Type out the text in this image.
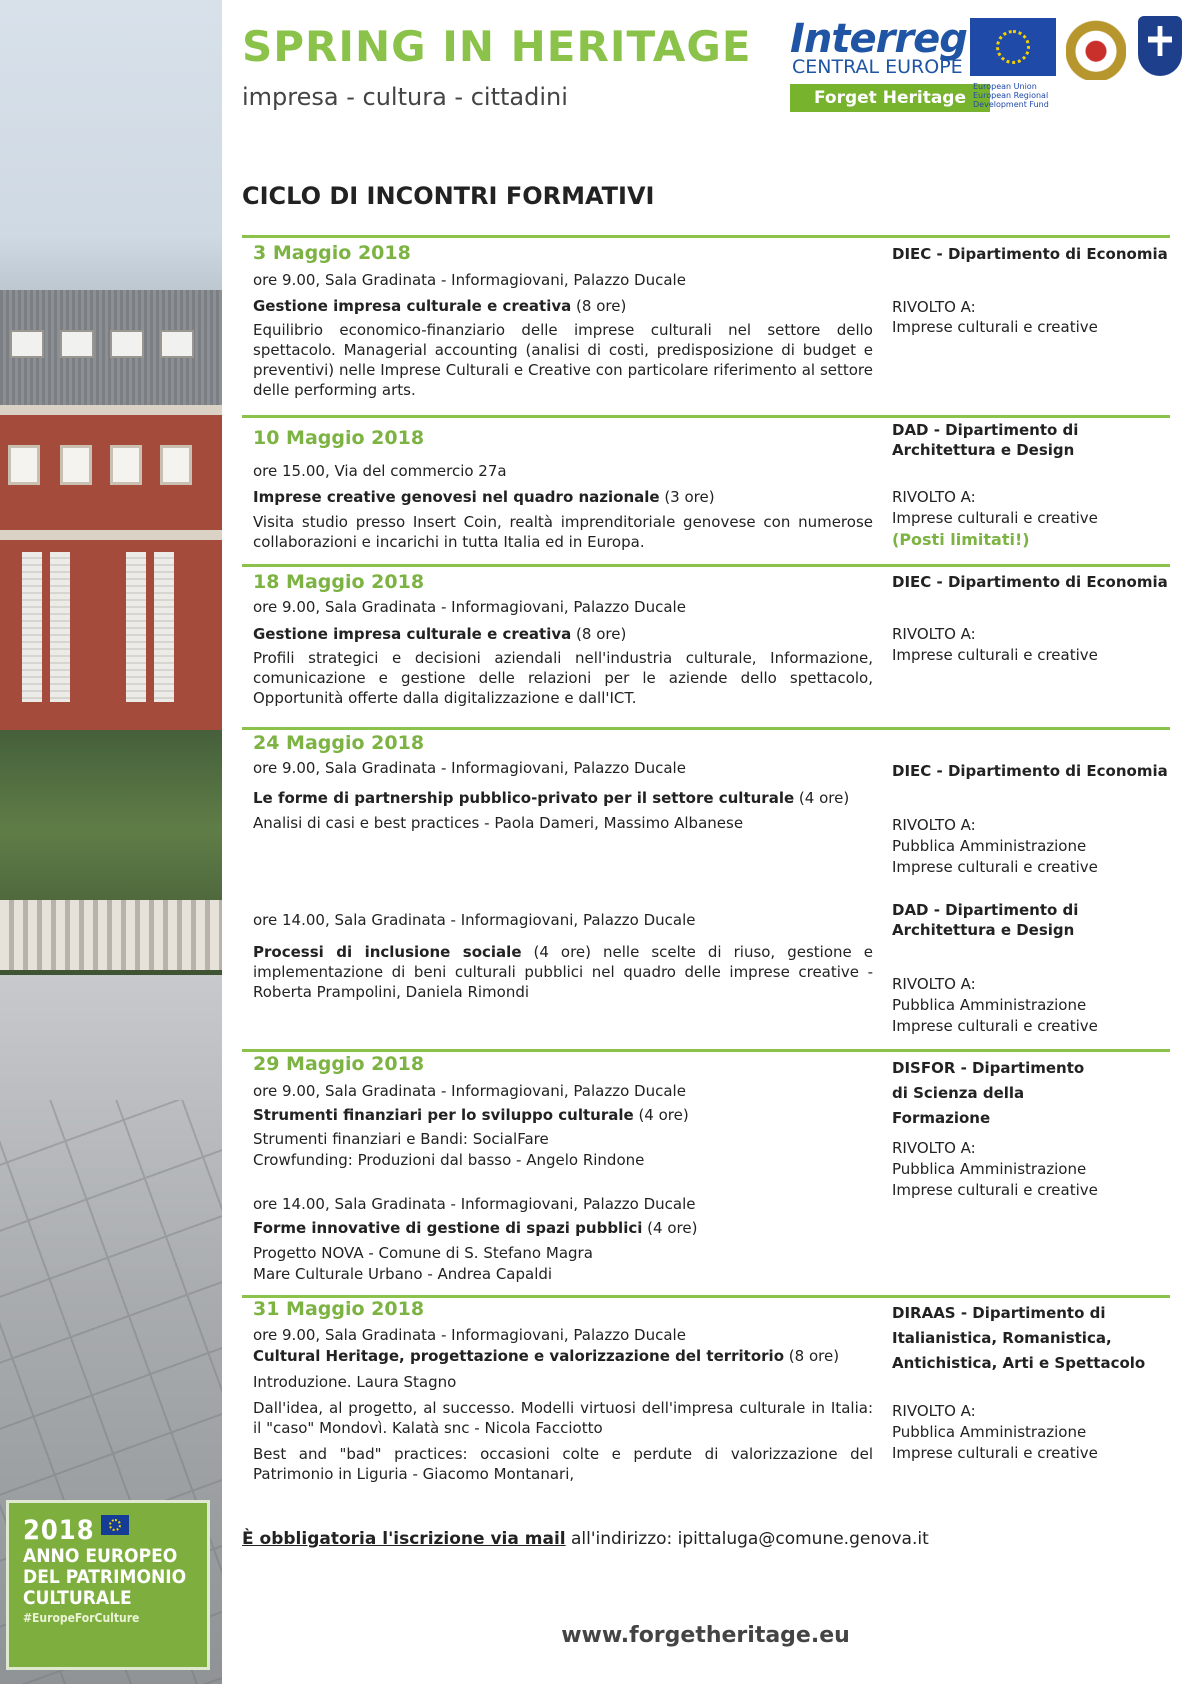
2018
ANNO EUROPEO
DEL PATRIMONIO
CULTURALE
#EuropeForCulture
SPRING IN HERITAGE
impresa - cultura - cittadini
Interreg
CENTRAL EUROPE
Forget Heritage
European Union European Regional Development Fund
CICLO DI INCONTRI FORMATIVI
3 Maggio 2018
ore 9.00, Sala Gradinata - Informagiovani, Palazzo Ducale
Gestione impresa culturale e creativa (8 ore)
Equilibrio economico-finanziario delle imprese culturali nel settore dello spettacolo. Managerial accounting (analisi di costi, predisposizione di budget e preventivi) nelle Imprese Culturali e Creative con particolare riferimento al settore delle performing arts.
DIEC - Dipartimento di Economia
RIVOLTO A:
Imprese culturali e creative
10 Maggio 2018
ore 15.00, Via del commercio 27a
Imprese creative genovesi nel quadro nazionale (3 ore)
Visita studio presso Insert Coin, realtà imprenditoriale genovese con numerose collaborazioni e incarichi in tutta Italia ed in Europa.
DAD - Dipartimento di Architettura e Design
RIVOLTO A:
Imprese culturali e creative
(Posti limitati!)
18 Maggio 2018
ore 9.00, Sala Gradinata - Informagiovani, Palazzo Ducale
Gestione impresa culturale e creativa (8 ore)
Profili strategici e decisioni aziendali nell'industria culturale, Informazione, comunicazione e gestione delle relazioni per le aziende dello spettacolo, Opportunità offerte dalla digitalizzazione e dall'ICT.
DIEC - Dipartimento di Economia
RIVOLTO A:
Imprese culturali e creative
24 Maggio 2018
ore 9.00, Sala Gradinata - Informagiovani, Palazzo Ducale
Le forme di partnership pubblico-privato per il settore culturale (4 ore)
Analisi di casi e best practices - Paola Dameri, Massimo Albanese
DIEC - Dipartimento di Economia
RIVOLTO A:
Pubblica Amministrazione
Imprese culturali e creative
ore 14.00, Sala Gradinata - Informagiovani, Palazzo Ducale
Processi di inclusione sociale (4 ore) nelle scelte di riuso, gestione e implementazione di beni culturali pubblici nel quadro delle imprese creative - Roberta Prampolini, Daniela Rimondi
DAD - Dipartimento di Architettura e Design
RIVOLTO A:
Pubblica Amministrazione
Imprese culturali e creative
29 Maggio 2018
ore 9.00, Sala Gradinata - Informagiovani, Palazzo Ducale
Strumenti finanziari per lo sviluppo culturale (4 ore)
Strumenti finanziari e Bandi: SocialFare
Crowfunding: Produzioni dal basso - Angelo Rindone
ore 14.00, Sala Gradinata - Informagiovani, Palazzo Ducale
Forme innovative di gestione di spazi pubblici (4 ore)
Progetto NOVA - Comune di S. Stefano Magra
Mare Culturale Urbano - Andrea Capaldi
DISFOR - Dipartimento di Scienza della Formazione
RIVOLTO A:
Pubblica Amministrazione
Imprese culturali e creative
31 Maggio 2018
ore 9.00, Sala Gradinata - Informagiovani, Palazzo Ducale
Cultural Heritage, progettazione e valorizzazione del territorio (8 ore)
Introduzione. Laura Stagno
Dall'idea, al progetto, al successo. Modelli virtuosi dell'impresa culturale in Italia: il "caso" Mondovì. Kalatà snc - Nicola Facciotto
Best and "bad" practices: occasioni colte e perdute di valorizzazione del Patrimonio in Liguria - Giacomo Montanari,
DIRAAS - Dipartimento di Italianistica, Romanistica, Antichistica, Arti e Spettacolo
RIVOLTO A:
Pubblica Amministrazione
Imprese culturali e creative
È obbligatoria l'iscrizione via mail all'indirizzo: ipittaluga@comune.genova.it
www.forgetheritage.eu
